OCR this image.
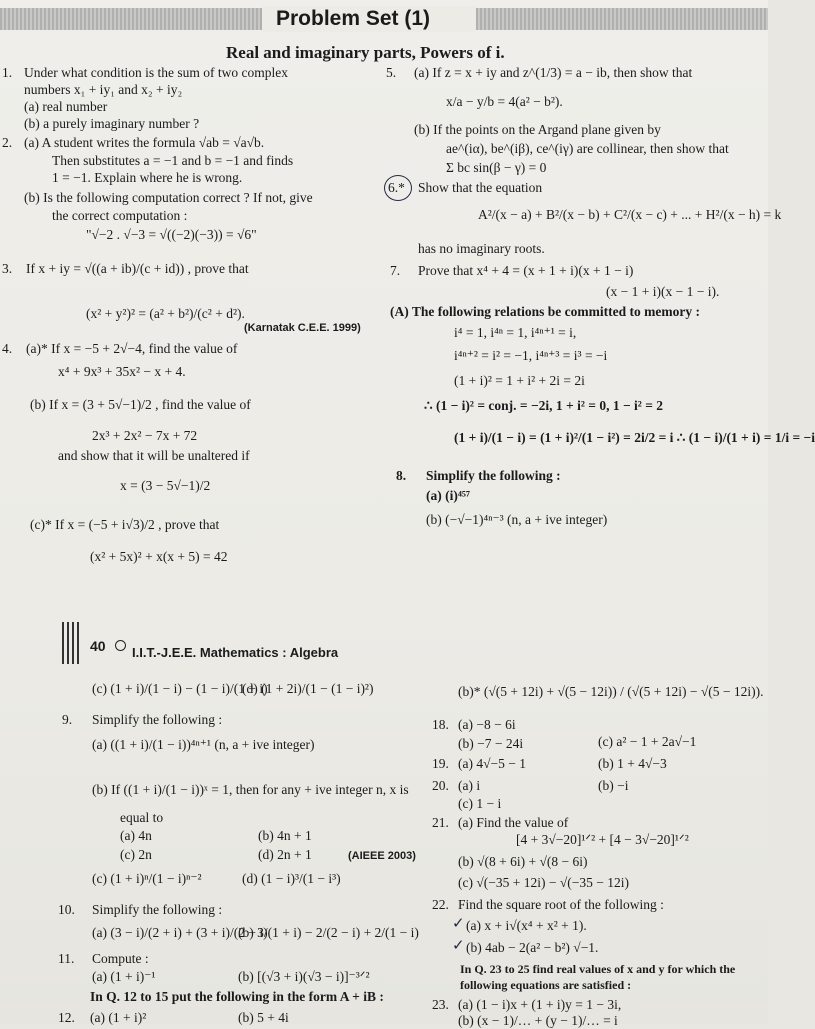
Problem Set (1)
Real and imaginary parts, Powers of i.
1. Under what condition is the sum of two complex
numbers x₁ + iy₁ and x₂ + iy₂
(a) real number
(b) a purely imaginary number ?
2. (a) A student writes the formula √ab = √a√b.
Then substitutes a = −1 and b = −1 and finds
1 = −1. Explain where he is wrong.
(b) Is the following computation correct ? If not, give
the correct computation :
"√−2 . √−3 = √((−2)(−3)) = √6"
3. If x + iy = √((a + ib)/(c + id)) , prove that
(x² + y²)² = (a² + b²)/(c² + d²).
(Karnatak C.E.E. 1999)
4. (a)* If x = −5 + 2√−4, find the value of
x⁴ + 9x³ + 35x² − x + 4.
(b) If x = (3 + 5√−1)/2 , find the value of
2x³ + 2x² − 7x + 72
and show that it will be unaltered if
x = (3 − 5√−1)/2
(c)* If x = (−5 + i√3)/2 , prove that
(x² + 5x)² + x(x + 5) = 42
5. (a) If z = x + iy and z^(1/3) = a − ib, then show that
x/a − y/b = 4(a² − b²).
(b) If the points on the Argand plane given by
ae^(iα), be^(iβ), ce^(iγ) are collinear, then show that
Σ bc sin(β − γ) = 0
6.* Show that the equation
A²/(x − a) + B²/(x − b) + C²/(x − c) + ... + H²/(x − h) = k
has no imaginary roots.
7. Prove that x⁴ + 4 = (x + 1 + i)(x + 1 − i)
(x − 1 + i)(x − 1 − i).
(A) The following relations be committed to memory :
i⁴ = 1, i⁴ⁿ = 1, i⁴ⁿ⁺¹ = i,
i⁴ⁿ⁺² = i² = −1, i⁴ⁿ⁺³ = i³ = −i
(1 + i)² = 1 + i² + 2i = 2i
∴ (1 − i)² = conj. = −2i, 1 + i² = 0, 1 − i² = 2
(1 + i)/(1 − i) = (1 + i)²/(1 − i²) = 2i/2 = i ∴ (1 − i)/(1 + i) = 1/i = −i
8. Simplify the following :
(a) (i)⁴⁵⁷
(b) (−√−1)⁴ⁿ⁻³ (n, a + ive integer)
40 I.I.T.-J.E.E. Mathematics : Algebra
(c) (1 + i)/(1 − i) − (1 − i)/(1 + i)
(d) (1 + 2i)/(1 − (1 − i)²)
9. Simplify the following :
(a) ((1 + i)/(1 − i))⁴ⁿ⁺¹ (n, a + ive integer)
(b) If ((1 + i)/(1 − i))ˣ = 1, then for any + ive integer n, x is
equal to
(a) 4n	(b) 4n + 1
(c) 2n	(d) 2n + 1	(AIEEE 2003)
(c) (1 + i)ⁿ/(1 − i)ⁿ⁻²	(d) (1 − i)³/(1 − i³)
10. Simplify the following :
(a) (3 − i)/(2 + i) + (3 + i)/(2 − i)
(b) 3/(1 + i) − 2/(2 − i) + 2/(1 − i)
11. Compute :
(a) (1 + i)⁻¹	(b) [(√3 + i)(√3 − i)]⁻³ᐟ²
In Q. 12 to 15 put the following in the form A + iB :
12. (a) (1 + i)²	(b) 5 + 4i
(b)* (√(5 + 12i) + √(5 − 12i)) / (√(5 + 12i) − √(5 − 12i)).
18. (a) −8 − 6i
(b) −7 − 24i	(c) a² − 1 + 2a√−1
19. (a) 4√−5 − 1	(b) 1 + 4√−3
20. (a) i	(b) −i
(c) 1 − i
21. (a) Find the value of
[4 + 3√−20]¹ᐟ² + [4 − 3√−20]¹ᐟ²
(b) √(8 + 6i) + √(8 − 6i)
(c) √(−35 + 12i) − √(−35 − 12i)
22. Find the square root of the following :
✓ (a) x + i√(x⁴ + x² + 1).
✓ (b) 4ab − 2(a² − b²) √−1.
In Q. 23 to 25 find real values of x and y for which the
following equations are satisfied :
23. (a) (1 − i)x + (1 + i)y = 1 − 3i,
(b) (x − 1)/… + (y − 1)/… = i
